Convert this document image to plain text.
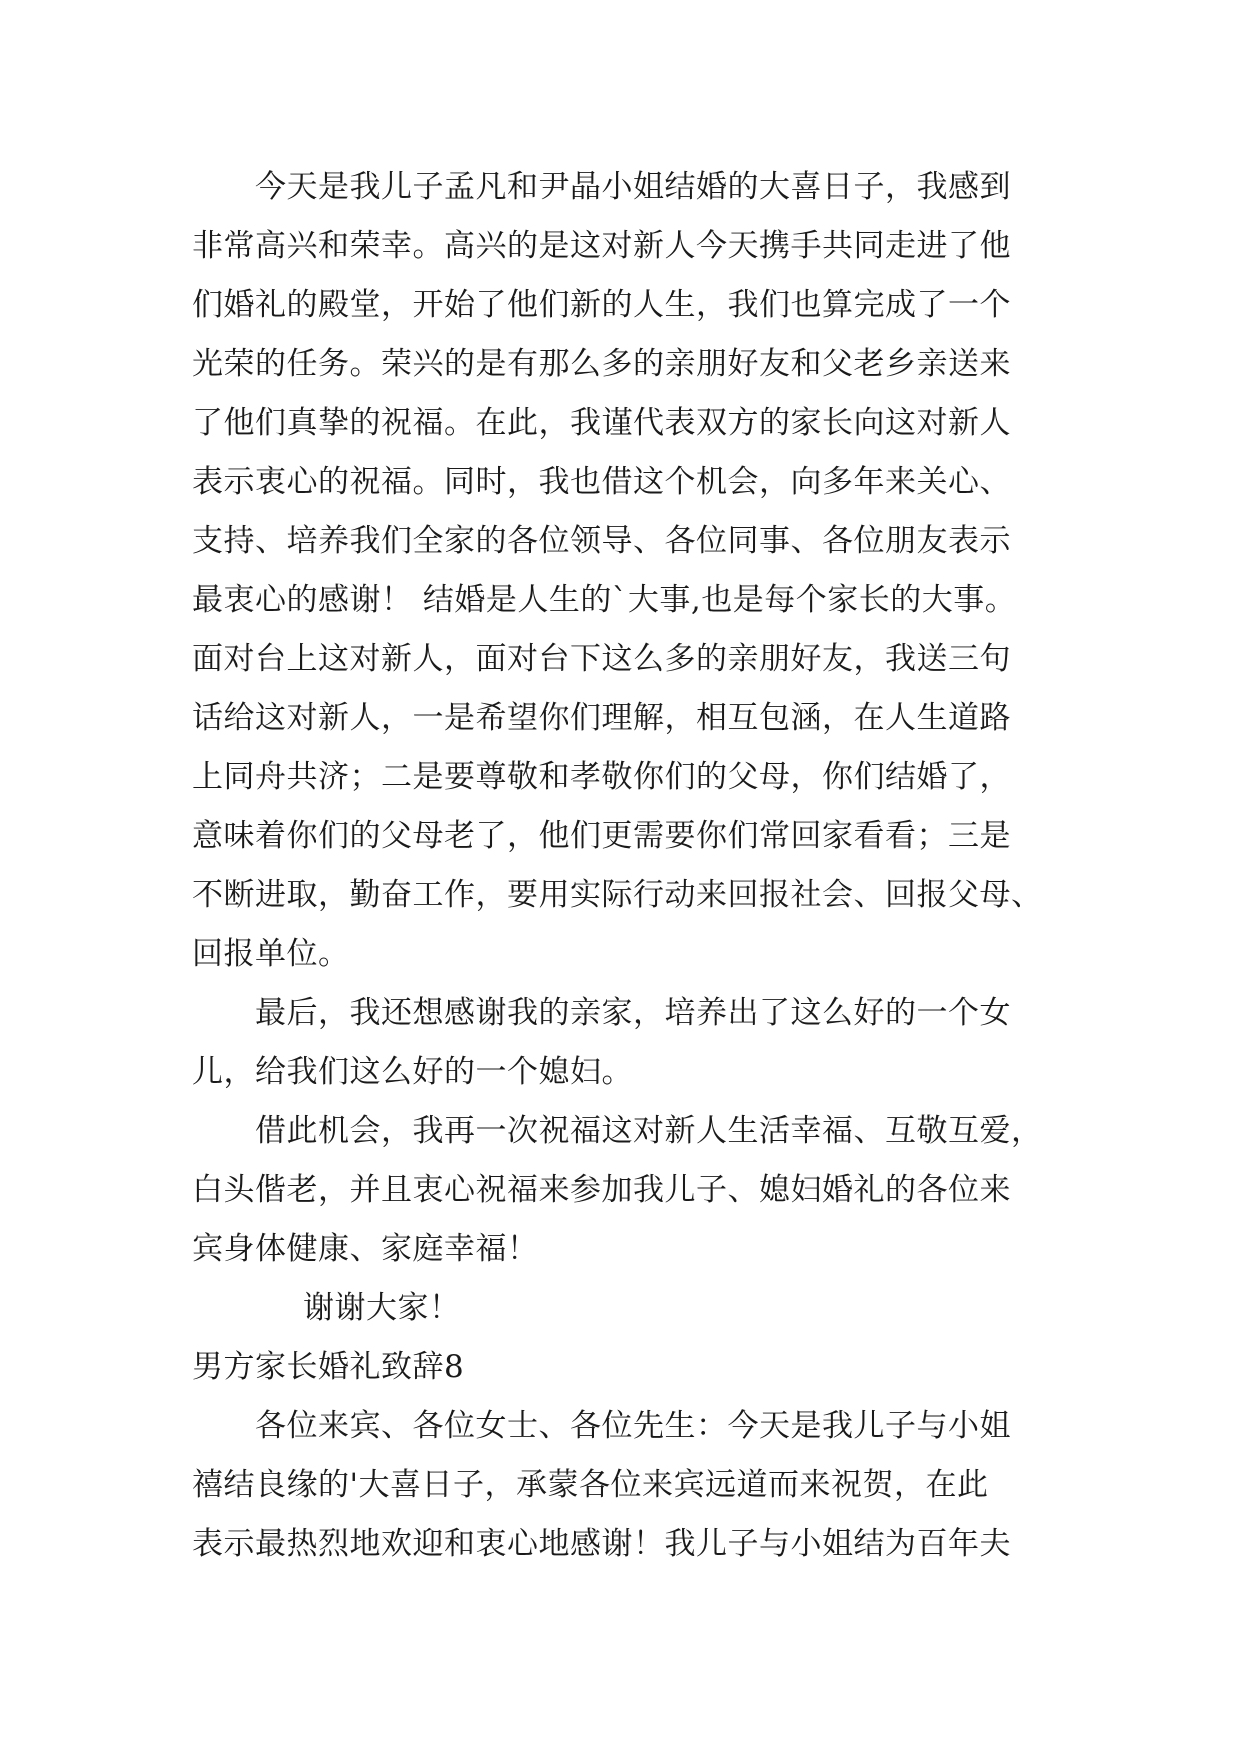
今天是我儿子孟凡和尹晶小姐结婚的大喜日子，我感到
非常高兴和荣幸。高兴的是这对新人今天携手共同走进了他
们婚礼的殿堂，开始了他们新的人生，我们也算完成了一个
光荣的任务。荣兴的是有那么多的亲朋好友和父老乡亲送来
了他们真挚的祝福。在此，我谨代表双方的家长向这对新人
表示衷心的祝福。同时，我也借这个机会，向多年来关心、
支持、培养我们全家的各位领导、各位同事、各位朋友表示
最衷心的感谢！ 结婚是人生的`大事,也是每个家长的大事。
面对台上这对新人，面对台下这么多的亲朋好友，我送三句
话给这对新人，一是希望你们理解，相互包涵，在人生道路
上同舟共济；二是要尊敬和孝敬你们的父母，你们结婚了，
意味着你们的父母老了，他们更需要你们常回家看看；三是
不断进取，勤奋工作，要用实际行动来回报社会、回报父母、
回报单位。
最后，我还想感谢我的亲家，培养出了这么好的一个女
儿，给我们这么好的一个媳妇。
借此机会，我再一次祝福这对新人生活幸福、互敬互爱，
白头偕老，并且衷心祝福来参加我儿子、媳妇婚礼的各位来
宾身体健康、家庭幸福！
谢谢大家！
男方家长婚礼致辞8
各位来宾、各位女士、各位先生：今天是我儿子与小姐
禧结良缘的'大喜日子，承蒙各位来宾远道而来祝贺，在此
表示最热烈地欢迎和衷心地感谢！我儿子与小姐结为百年夫
